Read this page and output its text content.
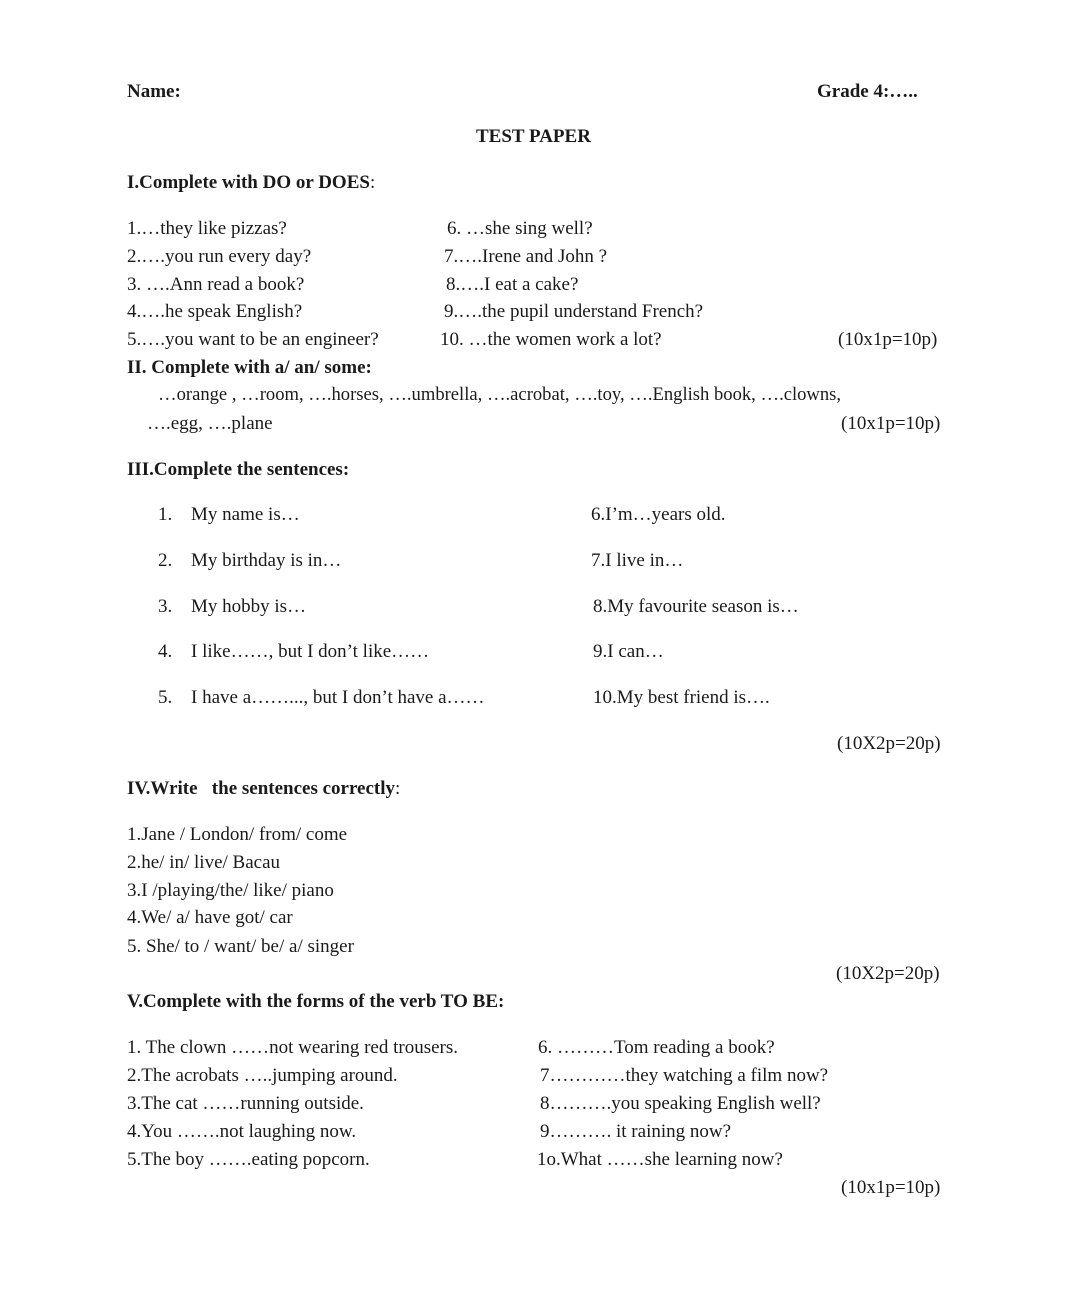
Name:	Grade 4:…..
TEST PAPER
I.Complete with DO or DOES:
1.…they like pizzas?
2.….you run every day?
3. ….Ann read a book?
4.….he speak English?
5.….you want to be an engineer?
6. …she sing well?
7.….Irene and John ?
8.….I eat a cake?
9.….the pupil understand French?
10. …the women work a lot?	(10x1p=10p)
II. Complete with a/ an/ some:
…orange , …room, ….horses, ….umbrella, ….acrobat, ….toy, ….English book, ….clowns,
….egg, ….plane	(10x1p=10p)
III.Complete the sentences:
1. My name is…
2. My birthday is in…
3. My hobby is…
4. I like……, but I don’t like……
5. I have a……..., but I don’t have a……
6.I’m…years old.
7.I live in…
8.My favourite season is…
9.I can…
10.My best friend is….
(10X2p=20p)
IV.Write   the sentences correctly:
1.Jane / London/ from/ come
2.he/ in/ live/ Bacau
3.I /playing/the/ like/ piano
4.We/ a/ have got/ car
5. She/ to / want/ be/ a/ singer
(10X2p=20p)
V.Complete with the forms of the verb TO BE:
1. The clown ……not wearing red trousers.
2.The acrobats …..jumping around.
3.The cat ……running outside.
4.You …….not laughing now.
5.The boy …….eating popcorn.
6. ………Tom reading a book?
7…………they watching a film now?
8……….you speaking English well?
9………. it raining now?
1o.What ……she learning now?
(10x1p=10p)
